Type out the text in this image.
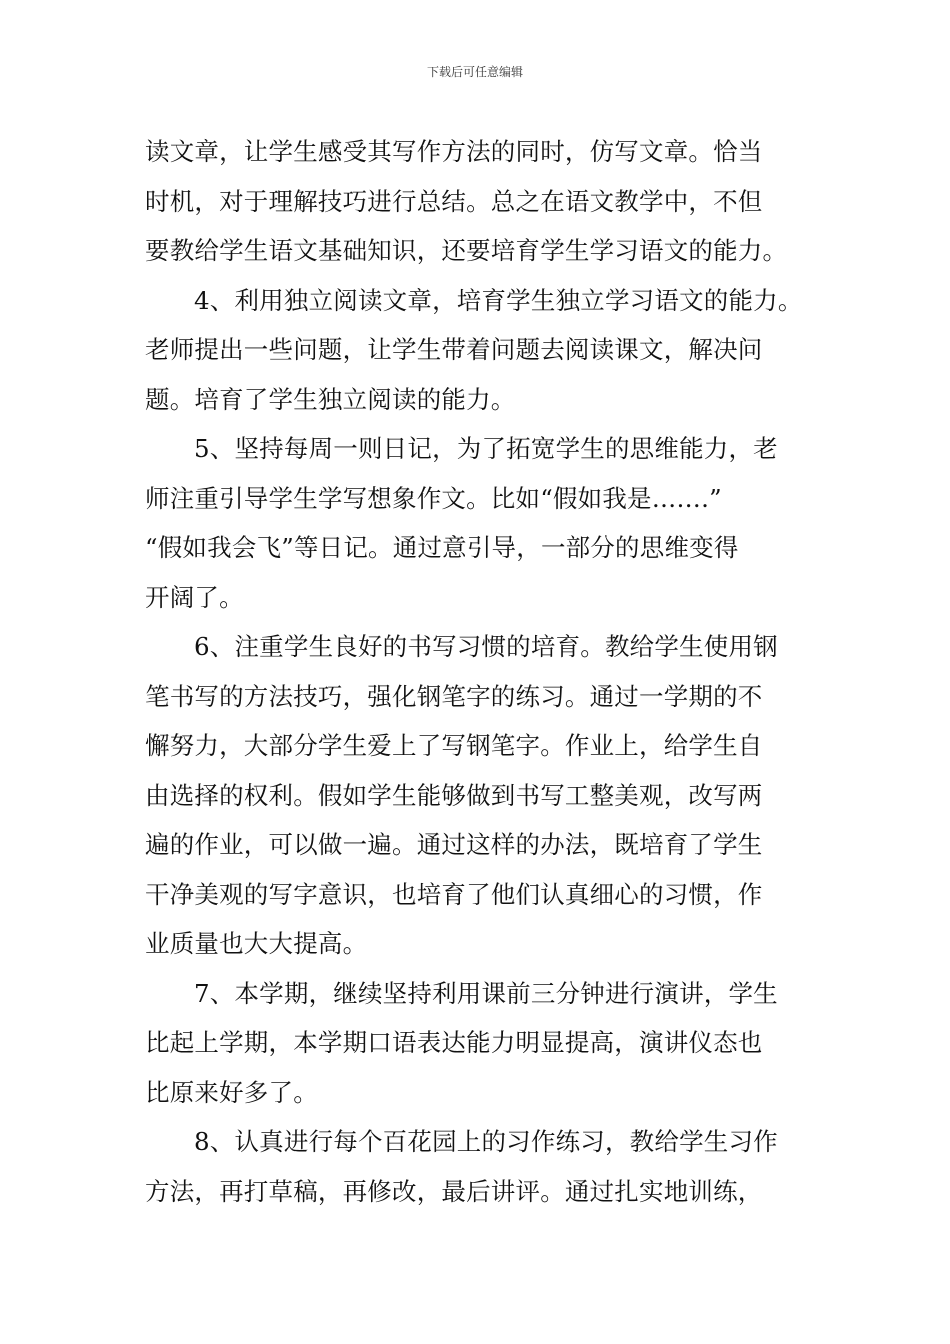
下载后可任意编辑
读文章，让学生感受其写作方法的同时，仿写文章。恰当
时机，对于理解技巧进行总结。总之在语文教学中，不但
要教给学生语文基础知识，还要培育学生学习语文的能力。
4、利用独立阅读文章，培育学生独立学习语文的能力。
老师提出一些问题，让学生带着问题去阅读课文，解决问
题。培育了学生独立阅读的能力。
5、坚持每周一则日记，为了拓宽学生的思维能力，老
师注重引导学生学写想象作文。比如“假如我是…….”
“假如我会飞”等日记。通过意引导，一部分的思维变得
开阔了。
6、注重学生良好的书写习惯的培育。教给学生使用钢
笔书写的方法技巧，强化钢笔字的练习。通过一学期的不
懈努力，大部分学生爱上了写钢笔字。作业上，给学生自
由选择的权利。假如学生能够做到书写工整美观，改写两
遍的作业，可以做一遍。通过这样的办法，既培育了学生
干净美观的写字意识，也培育了他们认真细心的习惯，作
业质量也大大提高。
7、本学期，继续坚持利用课前三分钟进行演讲，学生
比起上学期，本学期口语表达能力明显提高，演讲仪态也
比原来好多了。
8、认真进行每个百花园上的习作练习，教给学生习作
方法，再打草稿，再修改，最后讲评。通过扎实地训练，
